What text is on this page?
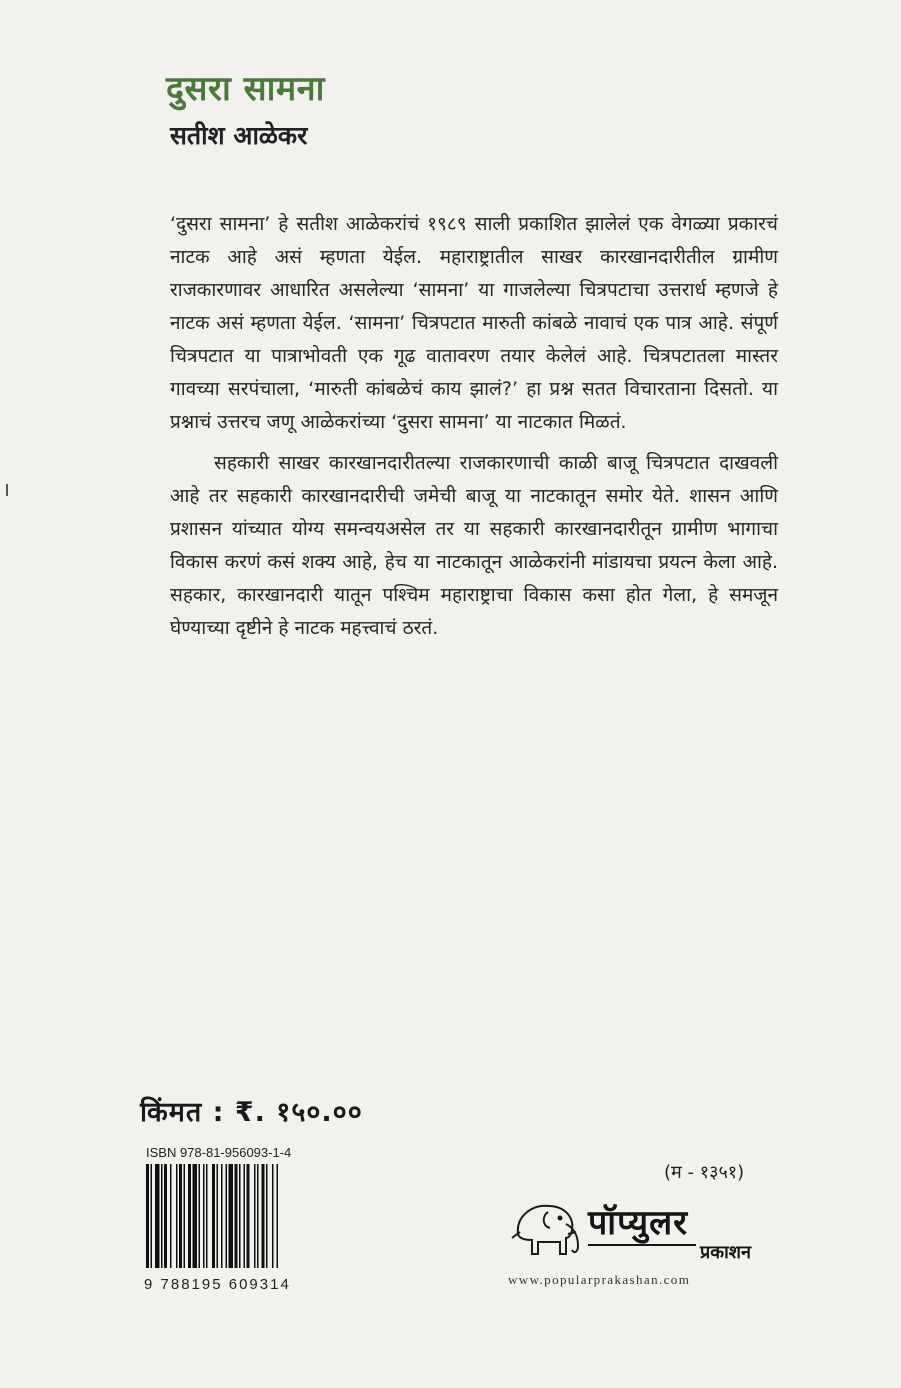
दुसरा सामना
सतीश आळेकर

‘दुसरा सामना’ हे सतीश आळेकरांचं १९८९ साली प्रकाशित झालेलं एक वेगळ्या प्रकारचं नाटक आहे असं म्हणता येईल. महाराष्ट्रातील साखर कारखानदारीतील ग्रामीण राजकारणावर आधारित असलेल्या ‘सामना’ या गाजलेल्या चित्रपटाचा उत्तरार्ध म्हणजे हे नाटक असं म्हणता येईल. ‘सामना’ चित्रपटात मारुती कांबळे नावाचं एक पात्र आहे. संपूर्ण चित्रपटात या पात्राभोवती एक गूढ वातावरण तयार केलेलं आहे. चित्रपटातला मास्तर गावच्या सरपंचाला, ‘मारुती कांबळेचं काय झालं?’ हा प्रश्न सतत विचारताना दिसतो. या प्रश्नाचं उत्तरच जणू आळेकरांच्या ‘दुसरा सामना’ या नाटकात मिळतं.

सहकारी साखर कारखानदारीतल्या राजकारणाची काळी बाजू चित्रपटात दाखवली आहे तर सहकारी कारखानदारीची जमेची बाजू या नाटकातून समोर येते. शासन आणि प्रशासन यांच्यात योग्य समन्वयअसेल तर या सहकारी कारखानदारीतून ग्रामीण भागाचा विकास करणं कसं शक्य आहे, हेच या नाटकातून आळेकरांनी मांडायचा प्रयत्न केला आहे. सहकार, कारखानदारी यातून पश्चिम महाराष्ट्राचा विकास कसा होत गेला, हे समजून घेण्याच्या दृष्टीने हे नाटक महत्त्वाचं ठरतं.

किंमत : ₹. १५०.००
ISBN 978-81-956093-1-4
9 788195 609314
(म - १३५१)
पॉप्युलर
प्रकाशन
www.popularprakashan.com
